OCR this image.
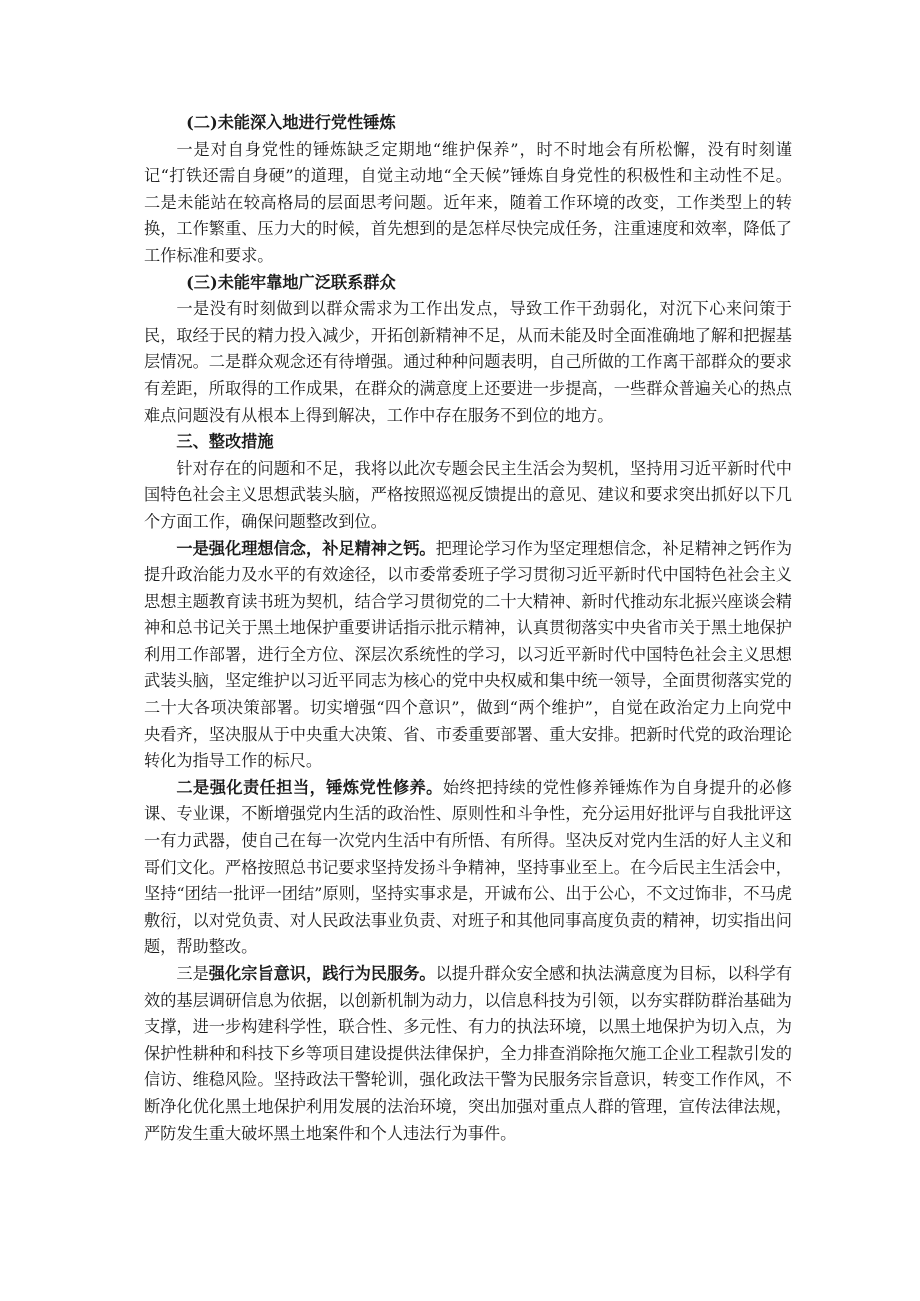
(二)未能深入地进行党性锤炼

一是对自身党性的锤炼缺乏定期地“维护保养”，时不时地会有所松懈，没有时刻谨记“打铁还需自身硬”的道理，自觉主动地“全天候”锤炼自身党性的积极性和主动性不足。二是未能站在较高格局的层面思考问题。近年来，随着工作环境的改变，工作类型上的转换，工作繁重、压力大的时候，首先想到的是怎样尽快完成任务，注重速度和效率，降低了工作标准和要求。

(三)未能牢靠地广泛联系群众

一是没有时刻做到以群众需求为工作出发点，导致工作干劲弱化，对沉下心来问策于民，取经于民的精力投入减少，开拓创新精神不足，从而未能及时全面准确地了解和把握基层情况。二是群众观念还有待增强。通过种种问题表明，自己所做的工作离干部群众的要求有差距，所取得的工作成果，在群众的满意度上还要进一步提高，一些群众普遍关心的热点难点问题没有从根本上得到解决，工作中存在服务不到位的地方。

三、整改措施

针对存在的问题和不足，我将以此次专题会民主生活会为契机，坚持用习近平新时代中国特色社会主义思想武装头脑，严格按照巡视反馈提出的意见、建议和要求突出抓好以下几个方面工作，确保问题整改到位。

一是强化理想信念，补足精神之钙。把理论学习作为坚定理想信念，补足精神之钙作为提升政治能力及水平的有效途径，以市委常委班子学习贯彻习近平新时代中国特色社会主义思想主题教育读书班为契机，结合学习贯彻党的二十大精神、新时代推动东北振兴座谈会精神和总书记关于黑土地保护重要讲话指示批示精神，认真贯彻落实中央省市关于黑土地保护利用工作部署，进行全方位、深层次系统性的学习，以习近平新时代中国特色社会主义思想武装头脑，坚定维护以习近平同志为核心的党中央权威和集中统一领导，全面贯彻落实党的二十大各项决策部署。切实增强“四个意识”，做到“两个维护”，自觉在政治定力上向党中央看齐，坚决服从于中央重大决策、省、市委重要部署、重大安排。把新时代党的政治理论转化为指导工作的标尺。

二是强化责任担当，锤炼党性修养。始终把持续的党性修养锤炼作为自身提升的必修课、专业课，不断增强党内生活的政治性、原则性和斗争性，充分运用好批评与自我批评这一有力武器，使自己在每一次党内生活中有所悟、有所得。坚决反对党内生活的好人主义和哥们文化。严格按照总书记要求坚持发扬斗争精神，坚持事业至上。在今后民主生活会中，坚持“团结一批评一团结”原则，坚持实事求是，开诚布公、出于公心，不文过饰非，不马虎敷衍，以对党负责、对人民政法事业负责、对班子和其他同事高度负责的精神，切实指出问题，帮助整改。

三是强化宗旨意识，践行为民服务。以提升群众安全感和执法满意度为目标，以科学有效的基层调研信息为依据，以创新机制为动力，以信息科技为引领，以夯实群防群治基础为支撑，进一步构建科学性，联合性、多元性、有力的执法环境，以黑土地保护为切入点，为保护性耕种和科技下乡等项目建设提供法律保护，全力排查消除拖欠施工企业工程款引发的信访、维稳风险。坚持政法干警轮训，强化政法干警为民服务宗旨意识，转变工作作风，不断净化优化黑土地保护利用发展的法治环境，突出加强对重点人群的管理，宣传法律法规，严防发生重大破坏黑土地案件和个人违法行为事件。
